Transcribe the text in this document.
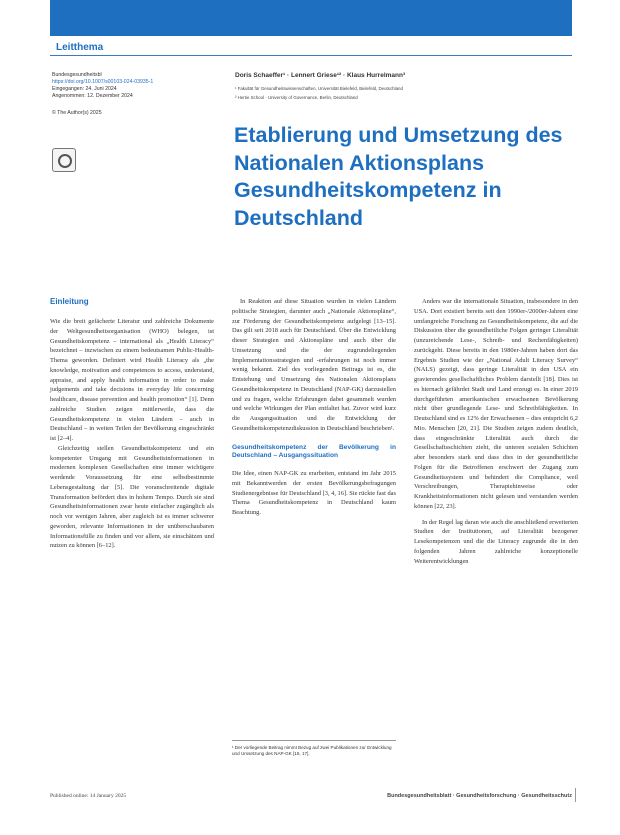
Leitthema
Bundesgesundheitsbl
https://doi.org/10.1007/s00103-024-03935-1
Eingegangen: 24. Juni 2024
Angenommen: 12. Dezember 2024
© The Author(s) 2025
Doris Schaeffer¹ · Lennert Griese¹² · Klaus Hurrelmann³
¹ Fakultät für Gesundheitswissenschaften, Universität Bielefeld, Bielefeld, Deutschland
² Hertie School · University of Governance, Berlin, Deutschland
Etablierung und Umsetzung des Nationalen Aktionsplans Gesundheitskompetenz in Deutschland
Einleitung

Wie die breit gefächerte Literatur und zahlreiche Dokumente der Weltgesundheitsorganisation (WHO) belegen, ist Gesundheitskompetenz – international als „Health Literacy“ bezeichnet – inzwischen zu einem bedeutsamen Public-Health-Thema geworden. Definiert wird Health Literacy als „the knowledge, motivation and competences to access, understand, appraise, and apply health information in order to make judgements and take decisions in everyday life concerning healthcare, disease prevention and health promotion“ [1]. Denn zahlreiche Studien zeigen mittlerweile, dass die Gesundheitskompetenz in vielen Ländern – auch in Deutschland – in weiten Teilen der Bevölkerung eingeschränkt ist [2–4].

Gleichzeitig stellen Gesundheitskompetenz und ein kompetenter Umgang mit Gesundheitsinformationen in modernen komplexen Gesellschaften eine immer wichtigere werdende Voraussetzung für eine selbstbestimmte Lebensgestaltung dar [5]. Die voranschreitende digitale Transformation befördert dies in hohem Tempo. Durch sie sind Gesundheitsinformationen zwar heute einfacher zugänglich als noch vor wenigen Jahren, aber zugleich ist es immer schwerer geworden, relevante Informationen in der unüberschaubaren Informationsfülle zu finden und vor allem, sie einschätzen und nutzen zu können [6–12].

In Reaktion auf diese Situation wurden in vielen Ländern politische Strategien, darunter auch „Nationale Aktionspläne“, zur Förderung der Gesundheitskompetenz aufgelegt [13–15]. Das gilt seit 2018 auch für Deutschland. Über die Entwicklung dieser Strategien und Aktionspläne und auch über die Umsetzung und die der zugrundeliegenden Implementationsstrategien und -erfahrungen ist noch immer wenig bekannt. Ziel des vorliegenden Beitrags ist es, die Entstehung und Umsetzung des Nationalen Aktionsplans Gesundheitskompetenz in Deutschland (NAP-GK) darzustellen und zu fragen, welche Erfahrungen dabei gesammelt wurden und welche Wirkungen der Plan entfaltet hat. Zuvor wird kurz die Ausgangssituation und die Entwicklung der Gesundheitskompetenzdiskussion in Deutschland beschrieben¹.

Gesundheitskompetenz der Bevölkerung in Deutschland – Ausgangssituation

Die Idee, einen NAP-GK zu erarbeiten, entstand im Jahr 2015 mit Bekanntwerden der ersten Bevölkerungsbefragungen Studienergebnisse für Deutschland [3, 4, 16]. Sie rückte fast das Thema Gesundheitskompetenz in Deutschland kaum Beachtung.

Anders war die internationale Situation, insbesondere in den USA. Dort existiert bereits seit den 1990er-/2000er-Jahren eine umfangreiche Forschung zu Gesundheitskompetenz, die auf die Diskussion über die gesundheitliche Folgen geringer Literalität (unzureichende Lese-, Schreib- und Rechenfähigkeiten) zurückgeht. Diese bereits in den 1980er-Jahren haben dort das Ergebnis Studien wie der „National Adult Literacy Survey“ (NALS) gezeigt, dass geringe Literalität in den USA ein gravierendes gesellschaftliches Problem darstellt [18]. Dies ist es hiernach gefährdet Stadt und Land erzeugt es. In einer 2019 durchgeführten amerikanischen erwachsenen Bevölkerung nicht über grundlegende Lese- und Schreibfähigkeiten. In Deutschland sind es 12% der Erwachsenen – dies entspricht 6,2 Mio. Menschen [20, 21]. Die Studien zeigen zudem deutlich, dass eingeschränkte Literalität auch durch die Gesellschaftsschichten zieht, die unteren sozialen Schichten aber besonders stark und dass dies in der gesundheitliche Folgen für die Betroffenen erschwert der Zugang zum Gesundheitssystem und behindert die Compliance, weil Verschreibungen, Therapiehinweise oder Krankheitsinformationen nicht gelesen und verstanden werden können [22, 23].

In der Regel lag daran wie auch die anschließend erweiterten Studien der Institutionen, auf Literalität bezogener Lesekompetenzen und die die Literacy zugrunde die in den folgenden Jahren zahlreiche konzeptionelle Weiterentwicklungen

¹ Der vorliegende Beitrag nimmt Bezug auf zwei Publikationen zur Entwicklung und Umsetzung des NAP-GK [16, 17].
Published online: 14 January 2025	Bundesgesundheitsblatt · Gesundheitsforschung · Gesundheitsschutz
